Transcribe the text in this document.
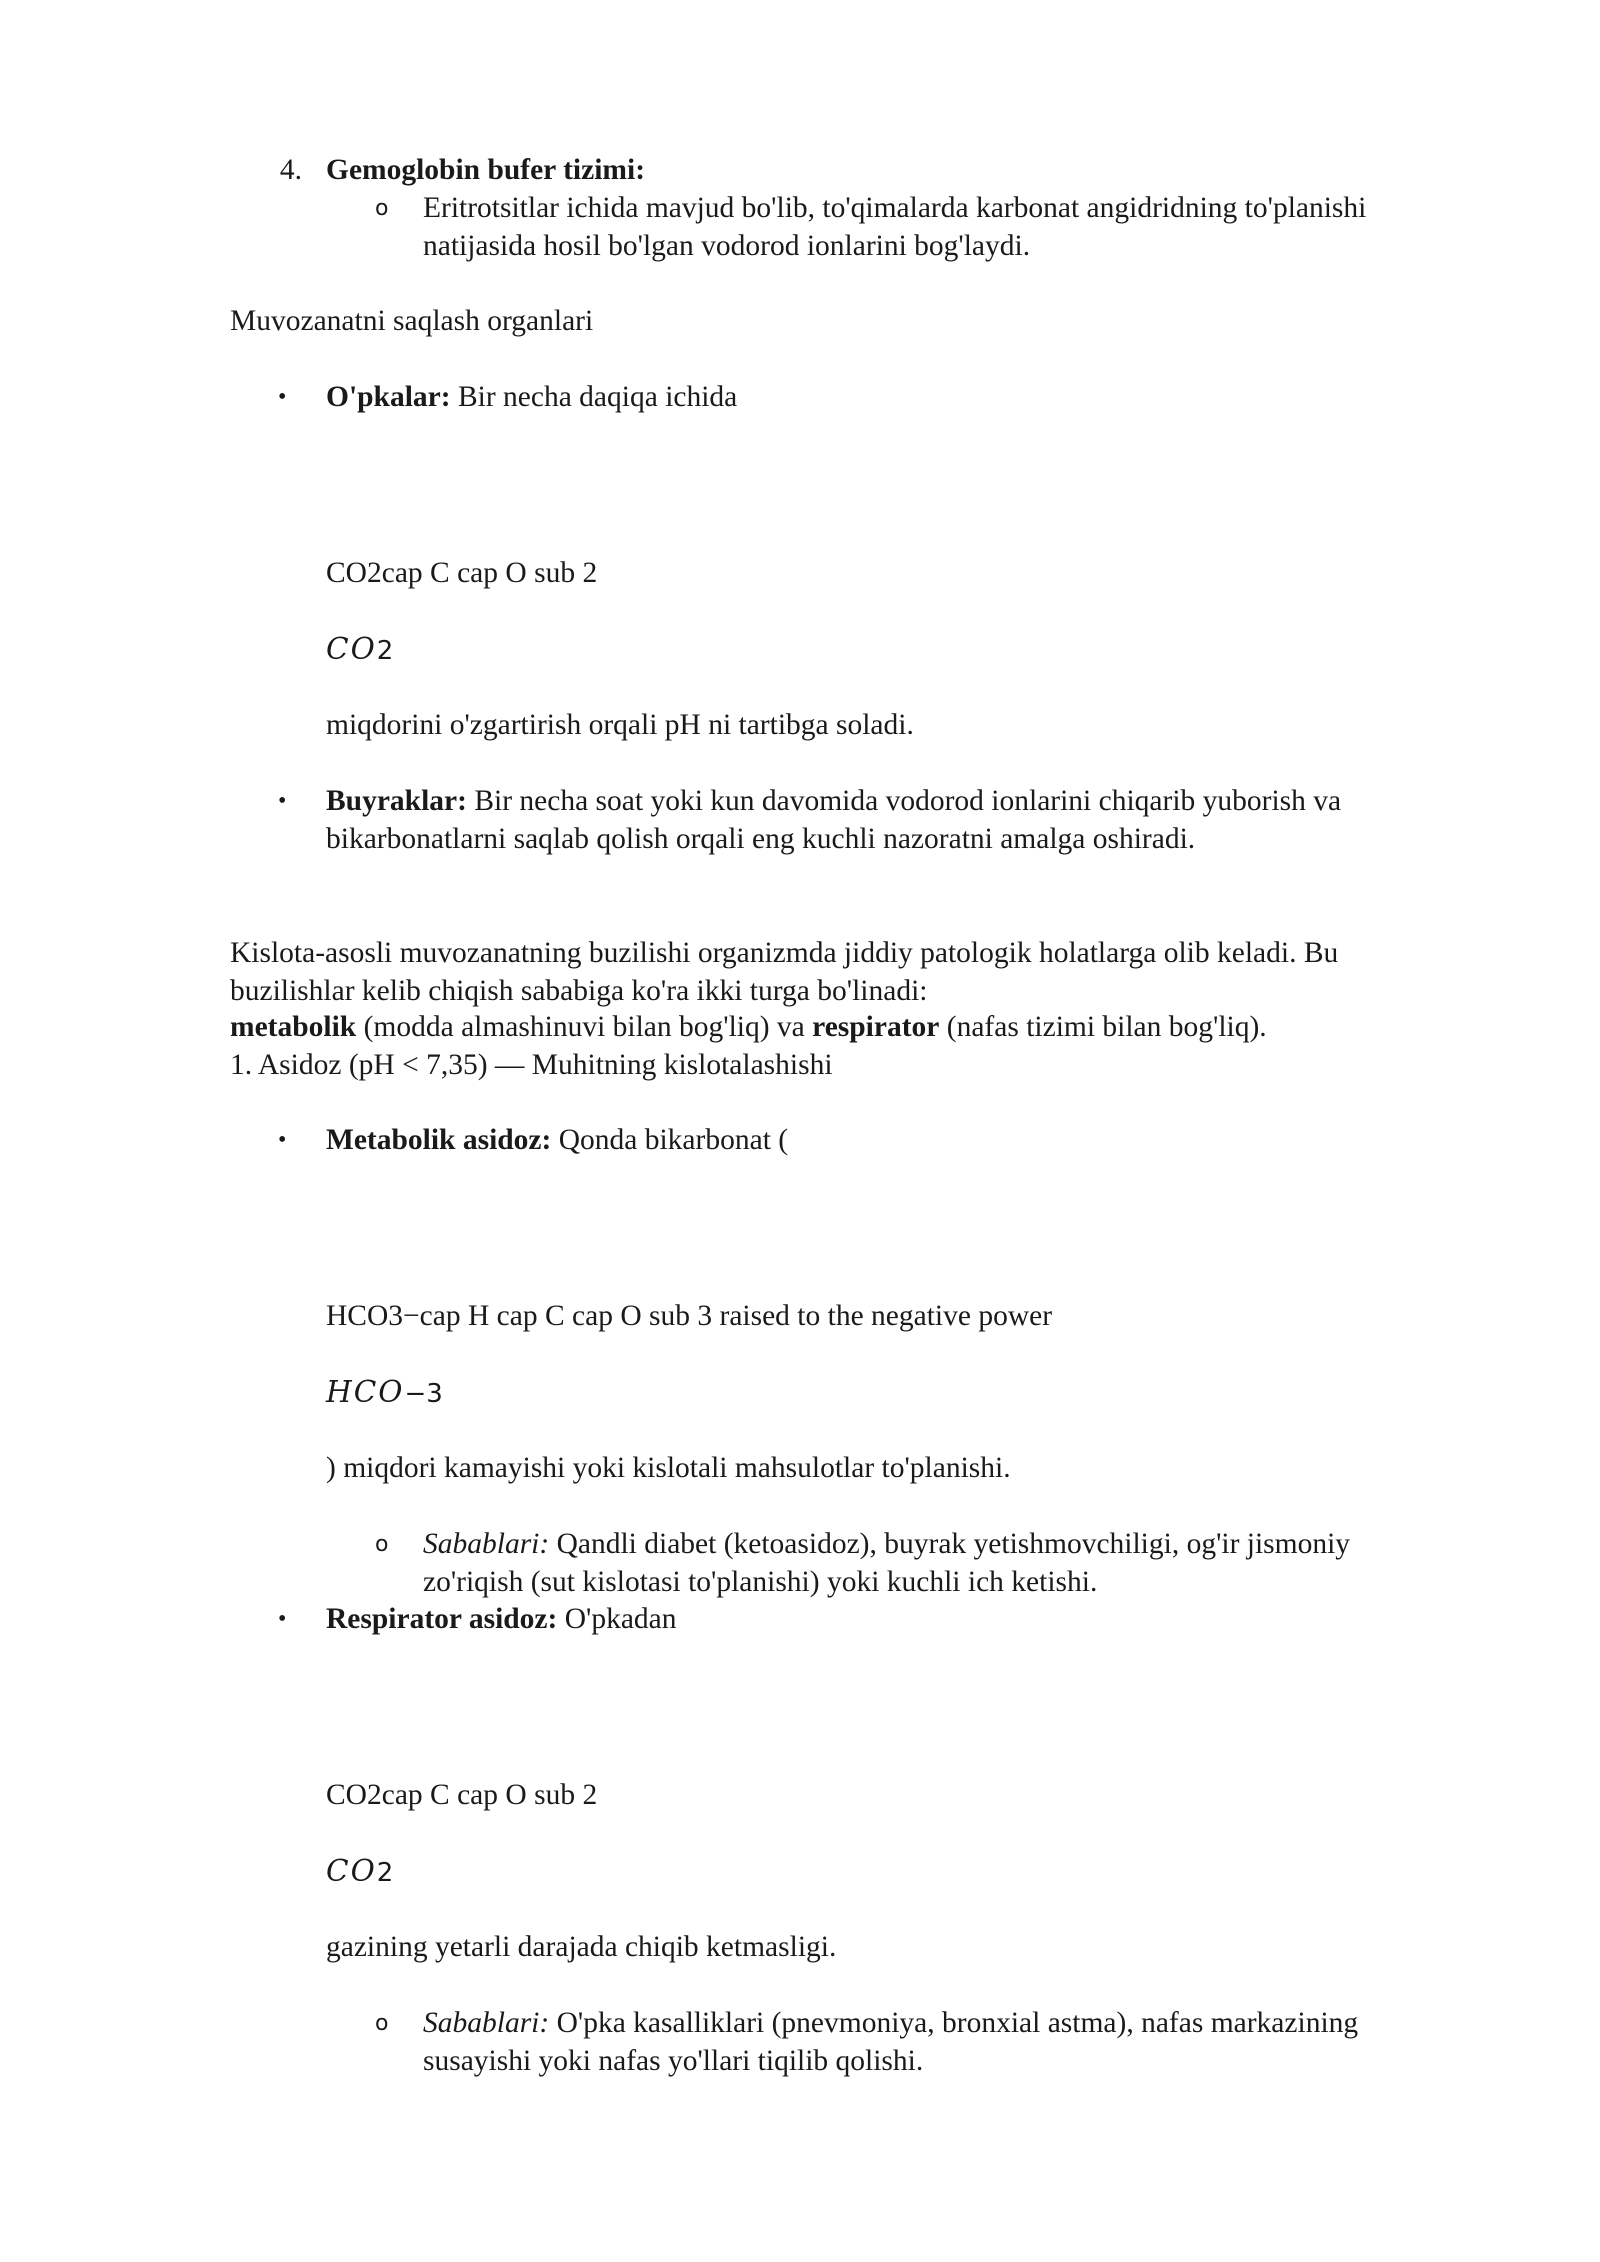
4. Gemoglobin bufer tizimi:
o Eritrotsitlar ichida mavjud bo'lib, to'qimalarda karbonat angidridning to'planishi
natijasida hosil bo'lgan vodorod ionlarini bog'laydi.
Muvozanatni saqlash organlari
• O'pkalar: Bir necha daqiqa ichida
CO2cap C cap O sub 2
CO2
miqdorini o'zgartirish orqali pH ni tartibga soladi.
• Buyraklar: Bir necha soat yoki kun davomida vodorod ionlarini chiqarib yuborish va
bikarbonatlarni saqlab qolish orqali eng kuchli nazoratni amalga oshiradi.
Kislota-asosli muvozanatning buzilishi organizmda jiddiy patologik holatlarga olib keladi. Bu
buzilishlar kelib chiqish sababiga ko'ra ikki turga bo'linadi:
metabolik (modda almashinuvi bilan bog'liq) va respirator (nafas tizimi bilan bog'liq).
1. Asidoz (pH < 7,35) — Muhitning kislotalashishi
• Metabolik asidoz: Qonda bikarbonat (
HCO3−cap H cap C cap O sub 3 raised to the negative power
HCO−3
) miqdori kamayishi yoki kislotali mahsulotlar to'planishi.
o Sabablari: Qandli diabet (ketoasidoz), buyrak yetishmovchiligi, og'ir jismoniy
zo'riqish (sut kislotasi to'planishi) yoki kuchli ich ketishi.
• Respirator asidoz: O'pkadan
CO2cap C cap O sub 2
CO2
gazining yetarli darajada chiqib ketmasligi.
o Sabablari: O'pka kasalliklari (pnevmoniya, bronxial astma), nafas markazining
susayishi yoki nafas yo'llari tiqilib qolishi.
